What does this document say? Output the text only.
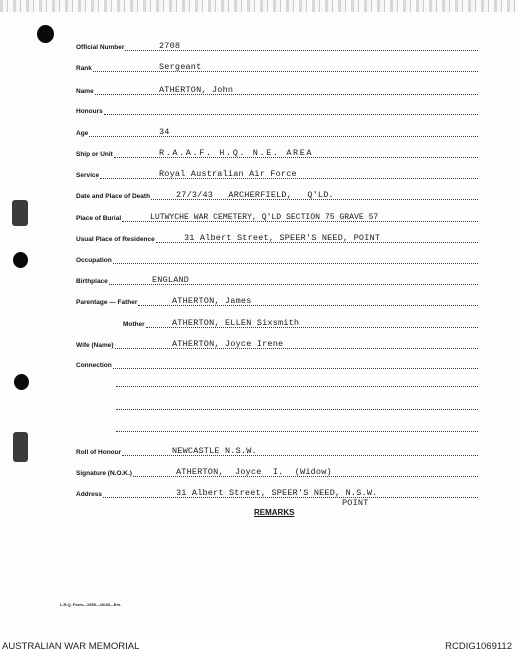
Official Number	2708
Rank	Sergeant
Name	ATHERTON, John
Honours
Age	34
Ship or Unit	R.A.A.F. H.Q. N.E. AREA
Service	Royal Australian Air Force
Date and Place of Death	27/3/43 ARCHERFIELD, Q'LD.
Place of Burial	LUTWYCHE WAR CEMETERY, Q'LD SECTION 75 GRAVE 57
Usual Place of Residence	31 Albert Street, SPEER'S NEED, POINT
Occupation
Birthplace	ENGLAND
Parentage — Father	ATHERTON, James
Mother	ATHERTON, ELLEN Sixsmith
Wife (Name)	ATHERTON, Joyce Irene
Connection
Roll of Honour	NEWCASTLE N.S.W.
Signature (N.O.K.)	ATHERTON, Joyce I. (Widow)
Address	31 Albert Street, SPEER'S NEED, N.S.W.
POINT
REMARKS
L.R.Q. Form—1955—10/45—Em.
AUSTRALIAN WAR MEMORIAL	RCDIG1069112
